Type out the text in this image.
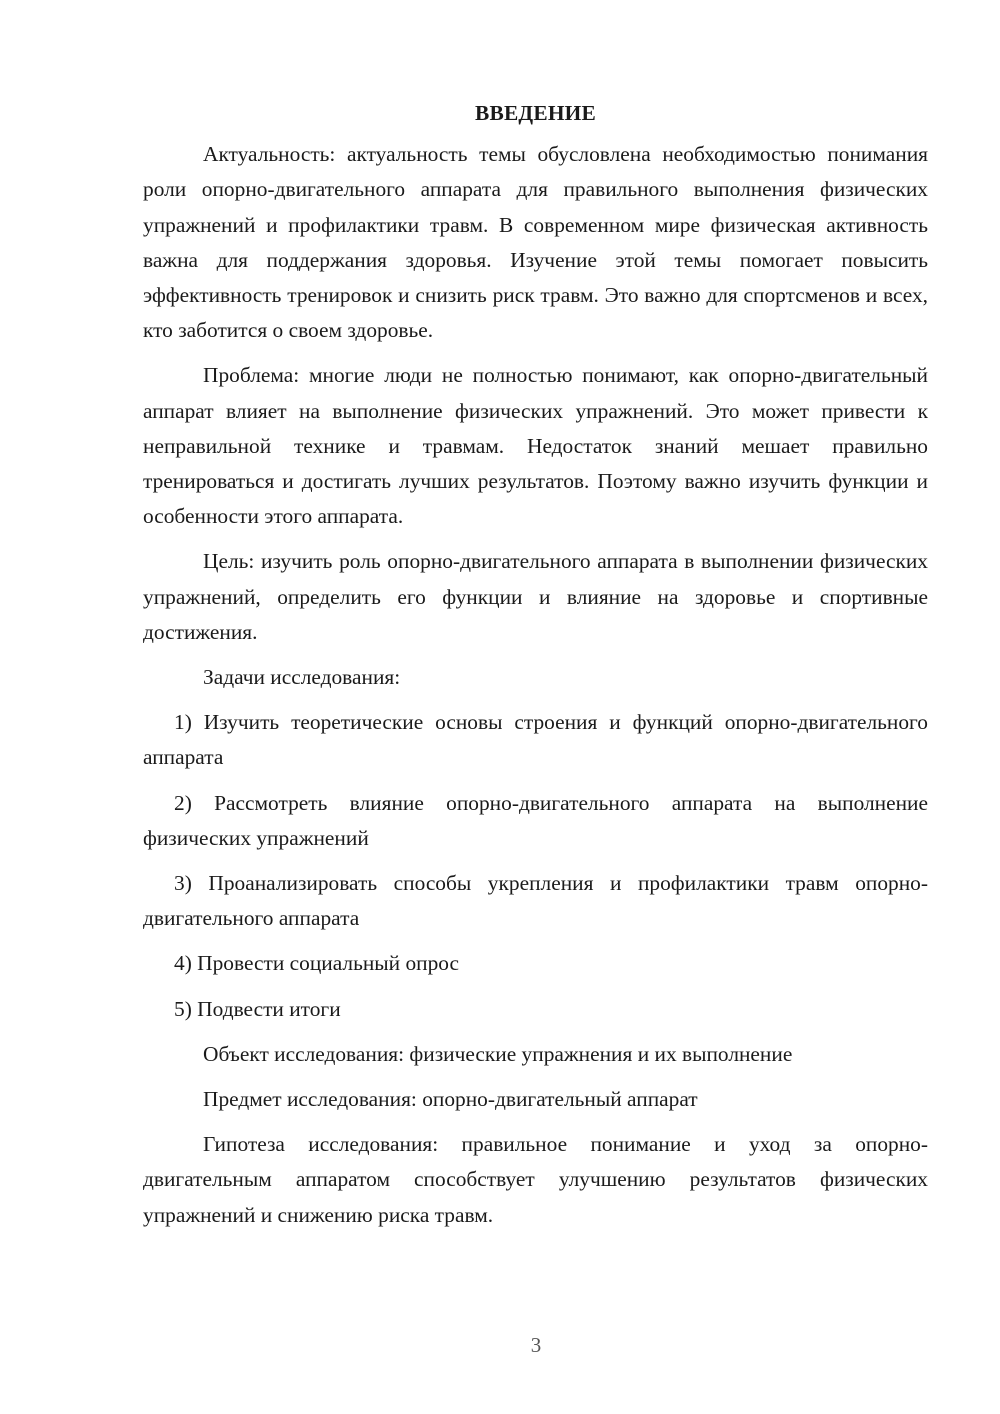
ВВЕДЕНИЕ

Актуальность: актуальность темы обусловлена необходимостью понимания роли опорно-двигательного аппарата для правильного выполнения физических упражнений и профилактики травм. В современном мире физическая активность важна для поддержания здоровья. Изучение этой темы помогает повысить эффективность тренировок и снизить риск травм. Это важно для спортсменов и всех, кто заботится о своем здоровье.

Проблема: многие люди не полностью понимают, как опорно-двигательный аппарат влияет на выполнение физических упражнений. Это может привести к неправильной технике и травмам. Недостаток знаний мешает правильно тренироваться и достигать лучших результатов. Поэтому важно изучить функции и особенности этого аппарата.

Цель: изучить роль опорно-двигательного аппарата в выполнении физических упражнений, определить его функции и влияние на здоровье и спортивные достижения.

Задачи исследования:

1) Изучить теоретические основы строения и функций опорно-двигательного аппарата

2) Рассмотреть влияние опорно-двигательного аппарата на выполнение физических упражнений

3) Проанализировать способы укрепления и профилактики травм опорно-двигательного аппарата

4) Провести социальный опрос

5) Подвести итоги

Объект исследования: физические упражнения и их выполнение

Предмет исследования: опорно-двигательный аппарат

Гипотеза исследования: правильное понимание и уход за опорно-двигательным аппаратом способствует улучшению результатов физических упражнений и снижению риска травм.

3
